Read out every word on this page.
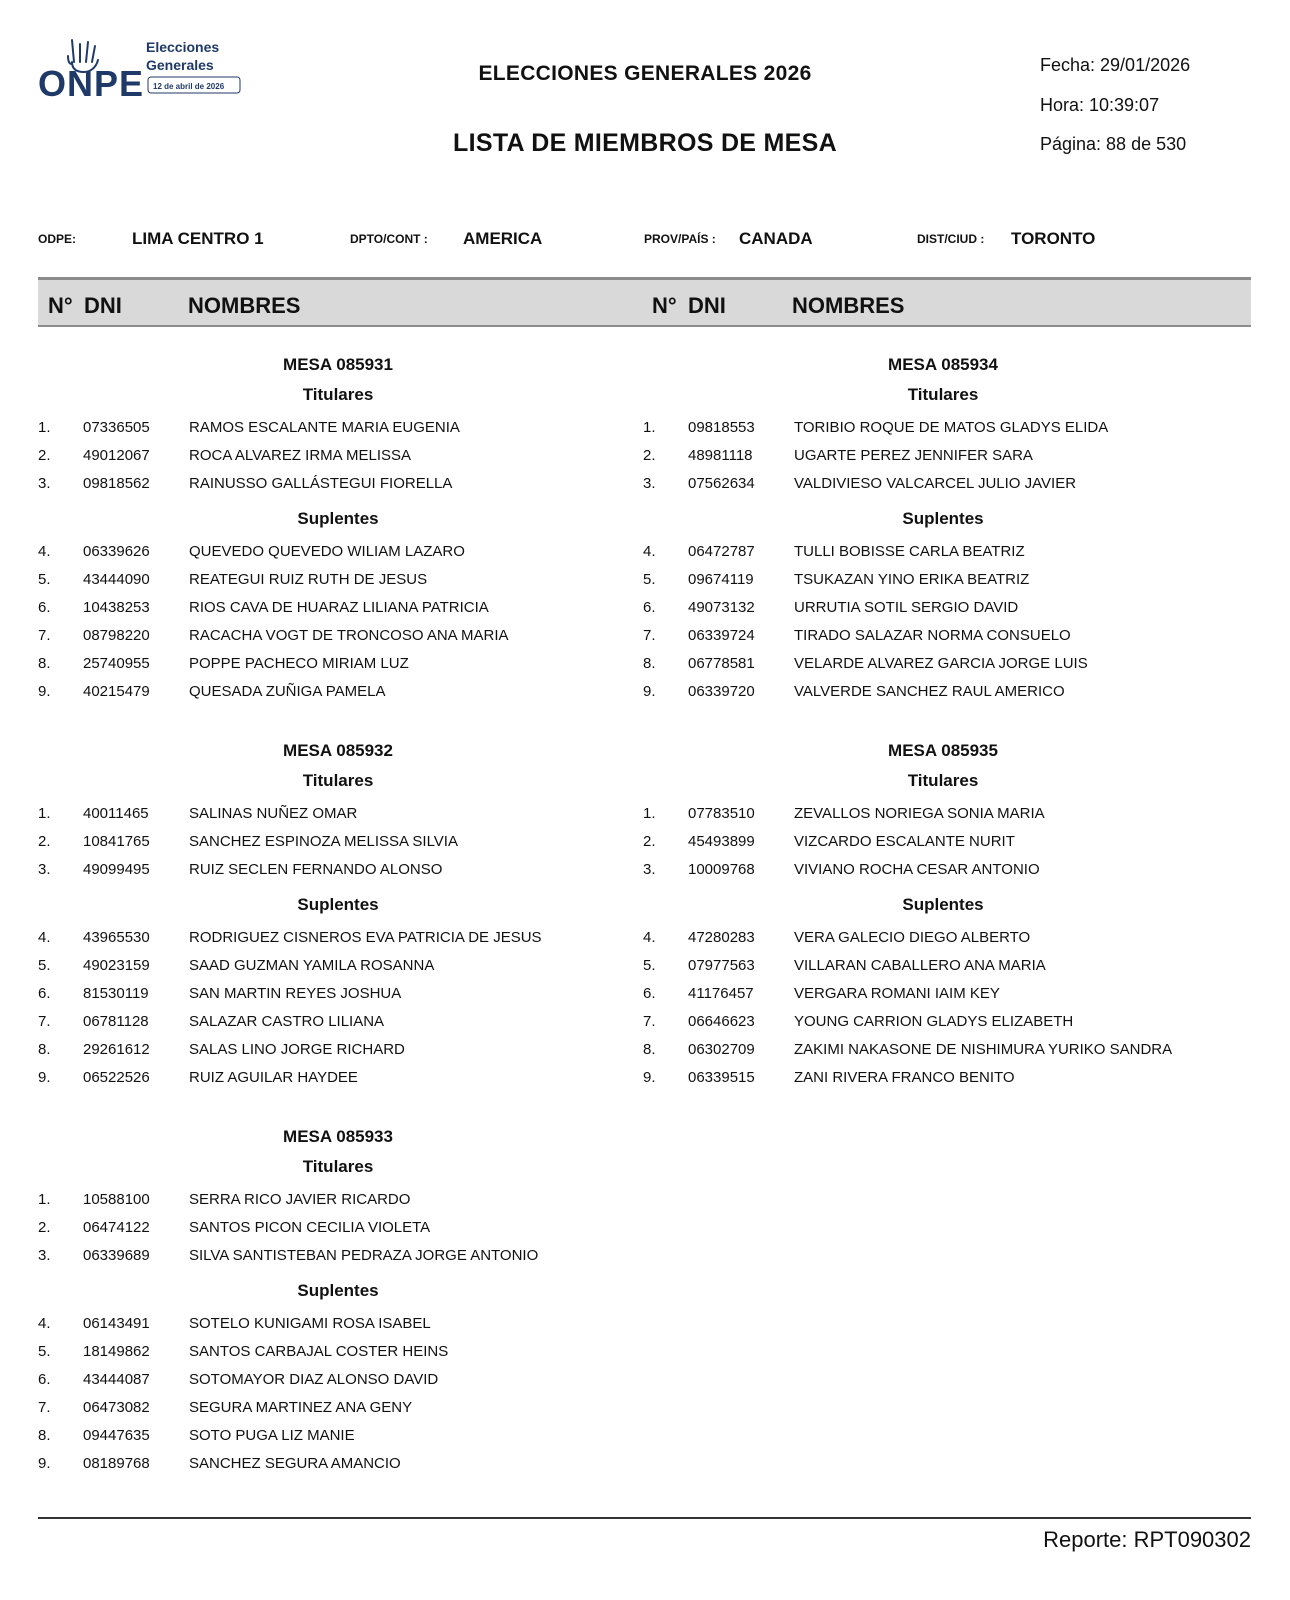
ONPE
Elecciones
Generales
12 de abril de 2026
ELECCIONES GENERALES 2026
LISTA DE MIEMBROS DE MESA
Fecha: 29/01/2026
Hora: 10:39:07
Página: 88 de 530
ODPE:	LIMA CENTRO 1	DPTO/CONT : AMERICA	PROV/PAÍS : CANADA	DIST/CIUD : TORONTO
N° DNI	NOMBRES	N° DNI	NOMBRES
MESA 085931
Titulares
1. 07336505	RAMOS ESCALANTE MARIA EUGENIA
2. 49012067	ROCA ALVAREZ IRMA MELISSA
3. 09818562	RAINUSSO GALLÁSTEGUI FIORELLA
Suplentes
4. 06339626	QUEVEDO QUEVEDO WILIAM LAZARO
5. 43444090	REATEGUI RUIZ RUTH DE JESUS
6. 10438253	RIOS CAVA DE HUARAZ LILIANA PATRICIA
7. 08798220	RACACHA VOGT DE TRONCOSO ANA MARIA
8. 25740955	POPPE PACHECO MIRIAM LUZ
9. 40215479	QUESADA ZUÑIGA PAMELA
MESA 085932
Titulares
1. 40011465	SALINAS NUÑEZ OMAR
2. 10841765	SANCHEZ ESPINOZA MELISSA SILVIA
3. 49099495	RUIZ SECLEN FERNANDO ALONSO
Suplentes
4. 43965530	RODRIGUEZ CISNEROS EVA PATRICIA DE JESUS
5. 49023159	SAAD GUZMAN YAMILA ROSANNA
6. 81530119	SAN MARTIN REYES JOSHUA
7. 06781128	SALAZAR CASTRO LILIANA
8. 29261612	SALAS LINO JORGE RICHARD
9. 06522526	RUIZ AGUILAR HAYDEE
MESA 085933
Titulares
1. 10588100	SERRA RICO JAVIER RICARDO
2. 06474122	SANTOS PICON CECILIA VIOLETA
3. 06339689	SILVA SANTISTEBAN PEDRAZA JORGE ANTONIO
Suplentes
4. 06143491	SOTELO KUNIGAMI ROSA ISABEL
5. 18149862	SANTOS CARBAJAL COSTER HEINS
6. 43444087	SOTOMAYOR DIAZ ALONSO DAVID
7. 06473082	SEGURA MARTINEZ ANA GENY
8. 09447635	SOTO PUGA LIZ MANIE
9. 08189768	SANCHEZ SEGURA AMANCIO
MESA 085934
Titulares
1. 09818553	TORIBIO ROQUE DE MATOS GLADYS ELIDA
2. 48981118	UGARTE PEREZ JENNIFER SARA
3. 07562634	VALDIVIESO VALCARCEL JULIO JAVIER
Suplentes
4. 06472787	TULLI BOBISSE CARLA BEATRIZ
5. 09674119	TSUKAZAN YINO ERIKA BEATRIZ
6. 49073132	URRUTIA SOTIL SERGIO DAVID
7. 06339724	TIRADO SALAZAR NORMA CONSUELO
8. 06778581	VELARDE ALVAREZ GARCIA JORGE LUIS
9. 06339720	VALVERDE SANCHEZ RAUL AMERICO
MESA 085935
Titulares
1. 07783510	ZEVALLOS NORIEGA SONIA MARIA
2. 45493899	VIZCARDO ESCALANTE NURIT
3. 10009768	VIVIANO ROCHA CESAR ANTONIO
Suplentes
4. 47280283	VERA GALECIO DIEGO ALBERTO
5. 07977563	VILLARAN CABALLERO ANA MARIA
6. 41176457	VERGARA ROMANI IAIM KEY
7. 06646623	YOUNG CARRION GLADYS ELIZABETH
8. 06302709	ZAKIMI NAKASONE DE NISHIMURA YURIKO SANDRA
9. 06339515	ZANI RIVERA FRANCO BENITO
Reporte: RPT090302
